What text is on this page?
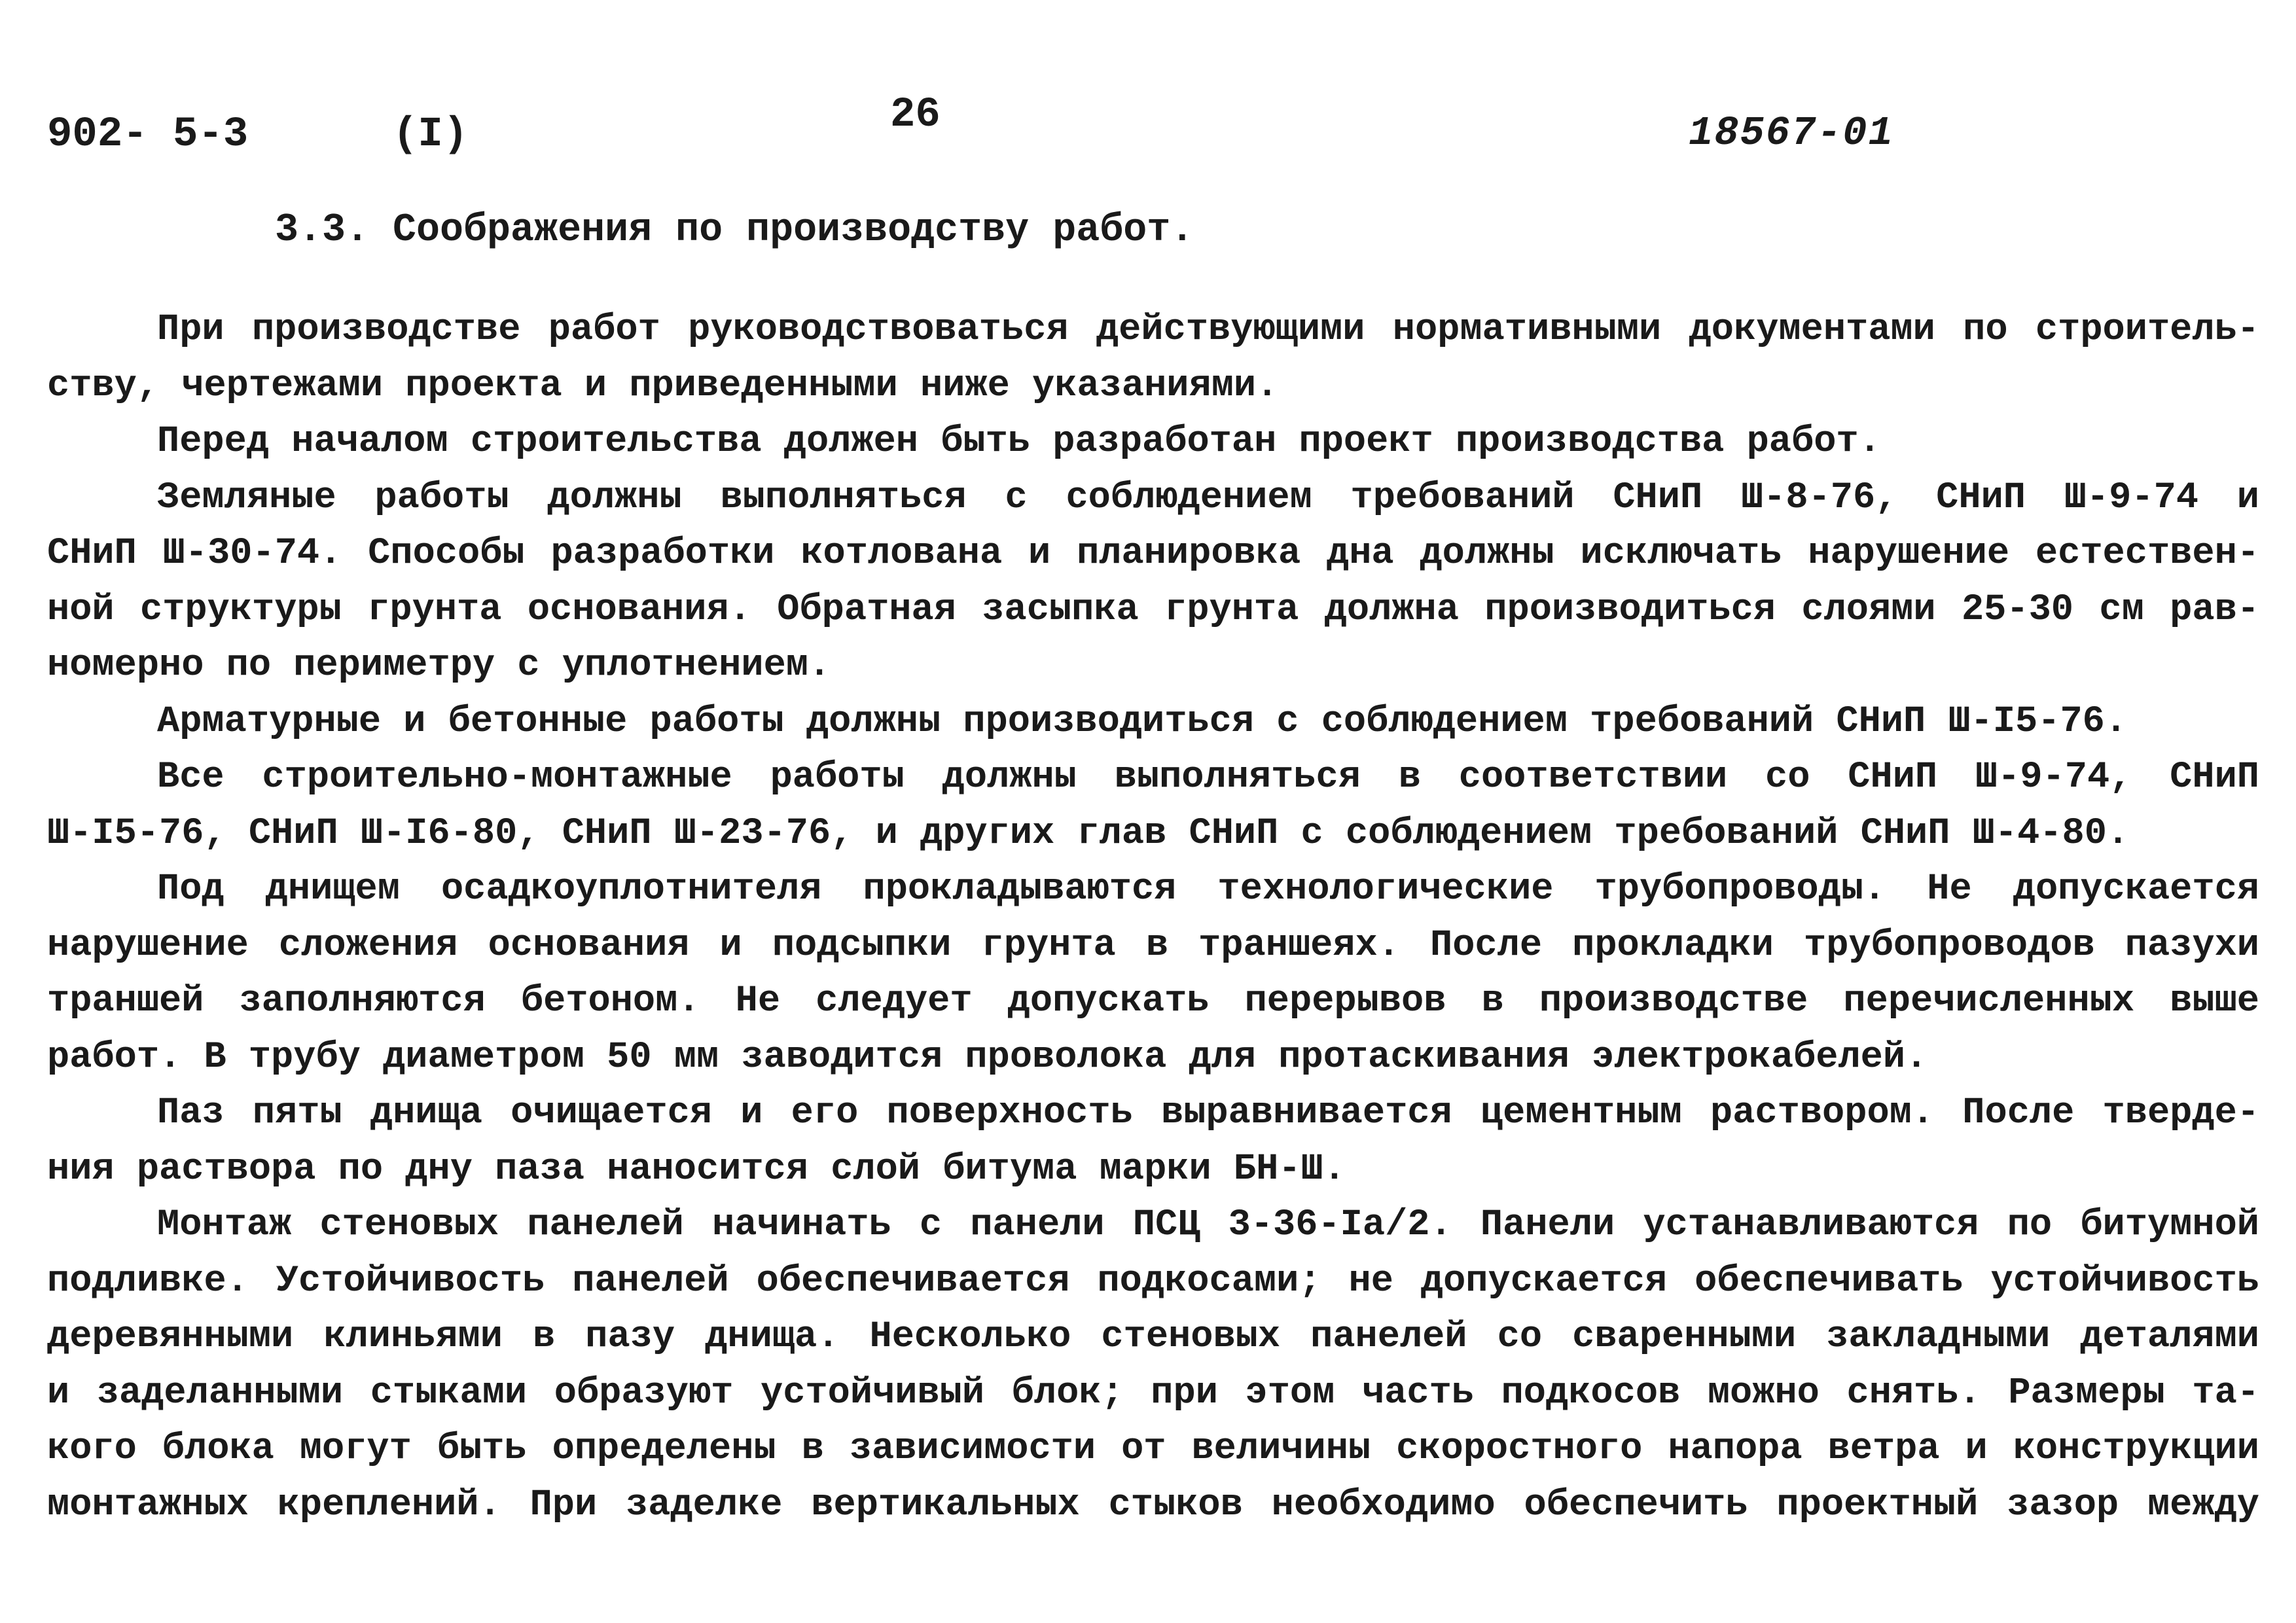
902- 5-3	(I)	26	18567-01
3.3. Соображения по производству работ.
При производстве работ руководствоваться действующими нормативными документами по строитель-
ству, чертежами проекта и приведенными ниже указаниями.
Перед началом строительства должен быть разработан проект производства работ.
Земляные работы должны выполняться с соблюдением требований СНиП Ш-8-76, СНиП Ш-9-74 и
СНиП Ш-30-74. Способы разработки котлована и планировка дна должны исключать нарушение естествен-
ной структуры грунта основания. Обратная засыпка грунта должна производиться слоями 25-30 см рав-
номерно по периметру с уплотнением.
Арматурные и бетонные работы должны производиться с соблюдением требований СНиП Ш-I5-76.
Все строительно-монтажные работы должны выполняться в соответствии со СНиП Ш-9-74, СНиП
Ш-I5-76, СНиП Ш-I6-80, СНиП Ш-23-76, и других глав СНиП с соблюдением требований СНиП Ш-4-80.
Под днищем осадкоуплотнителя прокладываются технологические трубопроводы. Не допускается
нарушение сложения основания и подсыпки грунта в траншеях. После прокладки трубопроводов пазухи
траншей заполняются бетоном. Не следует допускать перерывов в производстве перечисленных выше
работ. В трубу диаметром 50 мм заводится проволока для протаскивания электрокабелей.
Паз пяты днища очищается и его поверхность выравнивается цементным раствором. После тверде-
ния раствора по дну паза наносится слой битума марки БН-Ш.
Монтаж стеновых панелей начинать с панели ПСЦ 3-36-Iа/2. Панели устанавливаются по битумной
подливке. Устойчивость панелей обеспечивается подкосами; не допускается обеспечивать устойчивость
деревянными клиньями в пазу днища. Несколько стеновых панелей со сваренными закладными деталями
и заделанными стыками образуют устойчивый блок; при этом часть подкосов можно снять. Размеры та-
кого блока могут быть определены в зависимости от величины скоростного напора ветра и конструкции
монтажных креплений. При заделке вертикальных стыков необходимо обеспечить проектный зазор между
